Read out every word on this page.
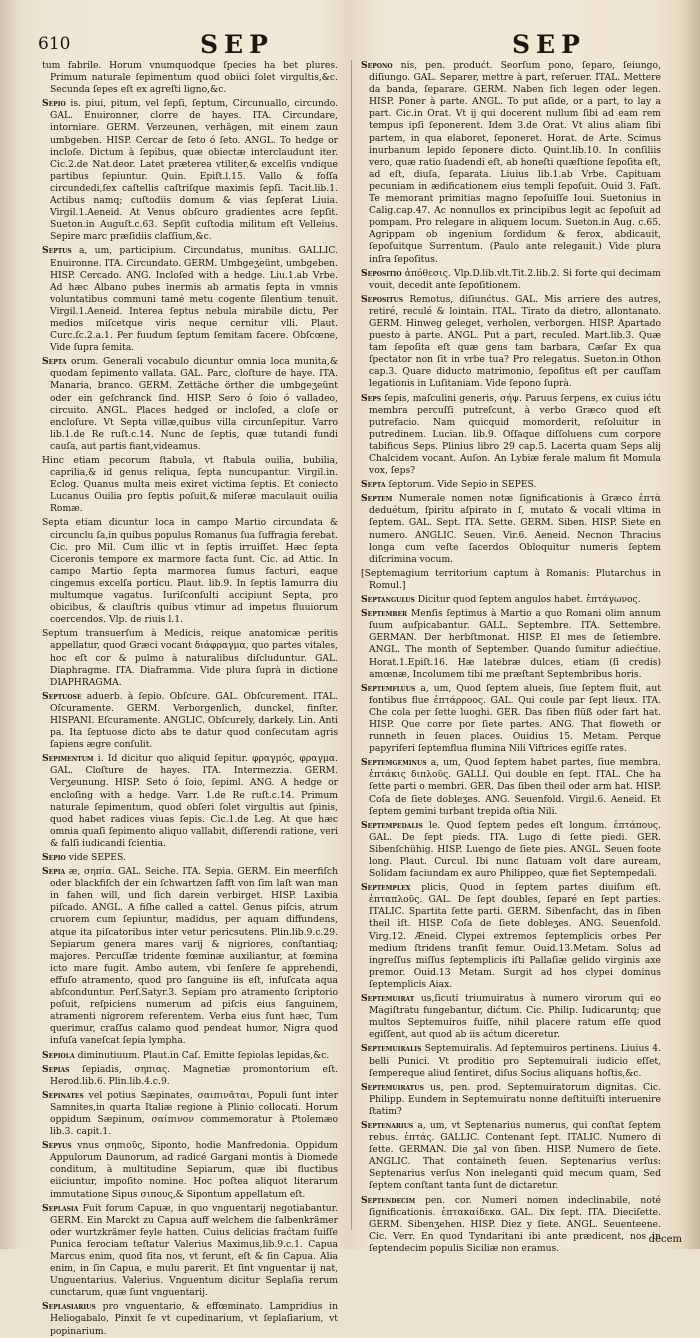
610	SEP	SEP
tum fabrile. Horum vnumquodque ſpecies ha bet plures. Primum naturale ſepimentum quod obiici ſolet virgultis,&c. Secunda ſepes eſt ex agreſti ligno,&c.
Sepio is. piui, pitum, vel ſepſi, ſeptum, Circunuallo, circundo. GAL. Enuironner, clorre de hayes. ITA. Circundare, intorniare. GERM. Verzeunen, verhägen, mit einem zaun umbgeben. HISP. Cercar de ſeto ó ſeto. ANGL. To hedge or incloſe. Dictum à ſepibus, quæ obiectæ interclaudunt iter. Cic.2.de Nat.deor. Latet præterea vtiliter,& excelſis vndique partibus ſepiuntur. Quin. Epiſt.l.15. Vallo & foſſa circundedi,ſex caſtellis caſtriſque maximis ſepſi. Tacit.lib.1. Actibus namq; cuſtodiis domum & vias ſepſerat Liuia. Virgil.1.Aeneid. At Venus obſcuro gradientes acre ſepſit. Sueton.in Auguſt.c.63. Sepſit cuſtodia militum eſt Velleius. Sepire marc præſidiis claſſium,&c.
Septus a, um, participium. Circundatus, munitus. GALLIC. Enuironne. ITA. Circundato. GERM. Umbgeʒeünt, umbgeben. HISP. Cercado. ANG. Incloſed with a hedge. Liu.1.ab Vrbe. Ad hæc Albano pubes inermis ab armatis ſepta in vmnis voluntatibus communi tamé metu cogente ſilentium tenuit. Virgil.1.Aeneid. Interea ſeptus nebula mirabile dictu, Per medios miſcetque viris neque cernitur vlli. Plaut. Curc.ſc.2.a.1. Per fuudum ſeptum ſemitam facere. Obſcœne, Vide ſupra ſemita.
Septa orum. Generali vocabulo dicuntur omnia loca munita,& quodam ſepimento vallata. GAL. Parc, cloſture de haye. ITA. Manaria, branco. GERM. Zettäche örther die umbgeʒeünt oder ein geſchranck ſind. HISP. Sero ó ſoio ó valladeo, circuito. ANGL. Places hedged or incloſed, a cloſe or encloſure. Vt Septa villæ,quibus villa circunſepitur. Varro lib.1.de Re ruſt.c.14. Nunc de ſeptis, quæ tutandi fundi cauſa, aut partis fiant,videamus.
Hinc etiam pecorum ſtabula, vt ſtabula ouilia, bubilia, caprilia,& id genus reliqua, ſepta nuncupantur. Virgil.in. Eclog. Quanus multa meis exiret victima ſeptis. Et coniecto Lucanus Ouilia pro ſeptis poſuit,& miſeræ maculauit ouilia Romæ.
Septa etiam dicuntur loca in campo Martio circundata & circunclu ſa,in quibus populus Romanus ſua ſuffragia ferebat. Cic. pro Mil. Cum illic vt in ſeptis irruiſſet. Hæc ſepta Ciceronis tempore ex marmore facta ſunt. Cic. ad Attic. In campo Martio ſepta marmorea ſumus facturi, eaque cingemus excelſa porticu. Plaut. lib.9. In ſeptis Iamurra diu multumque vagatus. Iuriſconſulti accipiunt Septa, pro obicibus, & clauſtris quibus vtimur ad impetus fluuiorum coercendos. Vlp. de riuis l.1.
Septum transuerſum à Medicis, reique anatomicæ peritis appellatur, quod Græci vocant διάφραγμα, quo partes vitales, hoc eſt cor & pulmo à naturalibus diſcluduntur. GAL. Diaphragme. ITA. Diaframma. Vide plura ſuprà in dictione DIAPHRAGMA.
Septuose aduerb. à ſepio. Obſcure. GAL. Obſcurement. ITAL. Oſcuramente. GERM. Verborgenlich, dunckel, finſter. HISPANI. Eſcuramente. ANGLIC. Obſcurely, darkely. Lin. Anti pa. Ita ſeptuose dicto abs te datur quod conſecutam agris ſapiens ægre conſulit.
Sepimentum i. Id dicitur quo aliquid ſepitur. φραγμός, φραγμα. GAL. Cloſture de hayes. ITA. Intermezzia. GERM. Verʒeunung. HISP. Seto ó ſoio, ſepiml. ANG. A hedge or encloſing with a hedge. Varr. 1.de Re ruſt.c.14. Primum naturale ſepimentum, quod obſeri ſolet virgultis aut ſpinis, quod habet radices viuas ſepis. Cic.1.de Leg. At que hæc omnia quaſi ſepimento aliquo vallabit, diſſerendi ratione, veri & falſi iudicandi ſcientia.
Sepio vide SEPES.
Sepia æ, σηπία. GAL. Seiche. ITA. Sepia. GERM. Ein meerfiſch oder blackfiſch der ein ſchwartzen ſafft von ſim laſt wan man in fahen will, und ſich darein verbirget. HISP. Laxibia piſcado. ANGL. A fiſhe called a cattel. Genus piſcis, atrum cruorem cum ſepiuntur, madidus, per aquam diffundens, atque ita piſcatoribus inter vetur pericsutens. Plin.lib.9.c.29. Sepiarum genera mares varij & nigriores, conſtantiaq; majores. Percuſſæ tridente fœminæ auxiliantur, at fœmina icto mare fugit. Ambo autem, vbi ſenſere ſe apprehendi, effuſo atramento, quod pro ſanguine iis eſt, infuſcata aqua abſconduntur. Perſ.Satyr.3. Sepiam pro atramento ſcriptorio poſuit, reſpiciens numerum ad piſcis eius ſanguinem, atramenti nigrorem referentem. Verba eius ſunt hæc, Tum querimur, craſſus calamo quod pendeat humor, Nigra quod infuſa vaneſcat ſepia lympha.
Sepiola diminutiuum. Plaut.in Caſ. Emitte ſepiolas lepidas,&c.
Sepias ſepiadis, σηπιας. Magnetiæ promontorium eſt. Herod.lib.6. Plin.lib.4.c.9.
Sepinates vel potius Sæpinates, σαιπινᾶται, Populi ſunt inter Samnites,in quarta Italiæ regione à Plinio collocati. Horum oppidum Sæpinum, σαίπινον commemoratur à Ptolemæo lib.3. capit.1.
Sepyus vnus σηπιοῦς, Siponto, hodie Manfredonia. Oppidum Appulorum Daunorum, ad radicé Gargani montis à Diomede conditum, à multitudine Sepiarum, quæ ibi fluctibus eiiciuntur, impoſito nomine. Hoc poſtea aliquot literarum immutatione Sipus σιπους,& Sipontum appellatum eſt.
Seplasia Fuit forum Capuæ, in quo vnguentarij negotiabantur. GERM. Ein Marckt zu Capua auff welchem die ſalbenkrämer oder wurtzkrämer feyle hatten. Cuius delicias fraćtam ſuiſſe Punica ferociam teſtatur Valerius Maximus,lib.9.c.1. Capua Marcus enim, quod ſita nos, vt ferunt, eſt & ſin Capua. Alia enim, in ſin Capua, e mulu parerit. Et ſint vnguentar ij nat, Unguentarius. Valerius. Vnguentum dicitur Seplaſia rerum cunctarum, quæ ſunt vnguentarij.
Seplaſiarius pro vnguentario, & effœminato. Lampridius in Heliogabalo, Pinxit ſe vt cupedinarium, vt ſeplaſiarium, vt popinarium.
Sepono nis, pen. produćt. Seorſum pono, ſeparo, ſeiungo, diſiungo. GAL. Separer, mettre à part, reſeruer. ITAL. Mettere da banda, ſeparare. GERM. Naben ſich legen oder legen. HISP. Poner à parte. ANGL. To put aſide, or a part, to lay a part. Cic.in Orat. Vt ij qui docerent nullum ſibi ad eam rem tempus ipſi ſeponerent. Idem 3.de Orat. Vt alius aliam ſibi partem, in qua elaboret, ſeponeret. Horat. de Arte. Scimus inurbanum lepido ſeponere dicto. Quint.lib.10. In conſiliis vero, quæ ratio ſuadendi eſt, ab honeſti quæſtione ſepoſita eſt, ad eſt, diuſa, ſeparata. Liuius lib.1.ab Vrbe. Capituam pecuniam in ædificationem eius templi ſepoſuit. Ouid 3. Faſt. Te memorant primitias magno ſepoſuiſſe Ioui. Suetonius in Calig.cap.47. Ac nonnullos ex principibus legit ac ſepoſuit ad pompam. Pro relegare in aliquem locum. Sueton.in Aug. c.65. Agrippam ob ingenium ſordidum & ferox, abdicauit, ſepoſuitque Surrentum. (Paulo ante relegauit.) Vide plura inſra ſepoſitus.
Sepoſitio ἀπόθεσις. Vlp.D.lib.vlt.Tit.2.lib.2. Si forte qui decimam vouit, decedit ante ſepoſitionem.
Sepoſitus Remotus, diſiunćtus. GAL. Mis arriere des autres, retiré, reculé & lointain. ITAL. Tirato da dietro, allontanato. GERM. Hinweg geleget, verholen, verborgen. HISP. Apartado puesto à parte. ANGL. Put a part, reculed. Mart.lib.3. Quæ tam ſepoſita eſt quæ gens tam barbara, Cæſar Ex qua ſpectator non ſit in vrbe tua? Pro relegatus. Sueton.in Othon cap.3. Quare diducto matrimonio, ſepoſitus eſt per cauſſam legationis in Luſitaniam. Vide ſepono ſuprà.
Seps ſepis, maſculini generis, σήψ. Paruus ſerpens, ex cuius ićtu membra percuſſi putreſcunt, à verbo Græco quod eſt putrefacio. Nam quicquid momorderit, reſoluitur in putredinem. Lucian. lib.9. Oſſaque diſſoluens cum corpore tabificus Seps. Plinius libro 29 cap.5. Lacerta quam Seps alij Chalcidem vocant. Auſon. An Lybiæ ferale malum fit Momula vox, ſeps?
Septa ſeptorum. Vide Sepio in SEPES.
Septem Numerale nomen notæ ſignificationis à Græco ἑπτὰ deduétum, ſpiritu aſpirato in ſ, mutato & vocali vltima in ſeptem. GAL. Sept. ITA. Sette. GERM. Siben. HISP. Siete en numero. ANGLIC. Seuen. Vir.6. Aeneid. Necnon Thracius longa cum veſte ſacerdos Obloquitur numeris ſeptem diſcrimina vocum.
[Septemagium territorium captum à Romanis: Plutarchus in Romul.]
Septangulus Dicitur quod ſeptem angulos habet. ἑπτάγωνος.
September Menſis ſeptimus à Martio a quo Romani olim annum ſuum auſpicabantur. GALL. Septembre. ITA. Settembre. GERMAN. Der herbſtmonat. HISP. El mes de ſetiembre. ANGL. The month of September. Quando ſumitur adiećtiue. Horat.1.Epiſt.16. Hæ latebræ dulces, etiam (ſi credis) amœnæ, Incolumem tibi me præſtant Septembribus horis.
Septemfluus a, um, Quod ſeptem alueis, ſiue ſeptem fluit, aut fontibus flue ἑπτάρροος. GAL. Qui coule par ſept lieux. ITA. Che cola per ſette luoghi. GER. Das ſiben flüß oder fart hat. HISP. Que corre por ſiete partes. ANG. That floweth or runneth in ſeuen places. Ouidius 15. Metam. Perque papyriferi ſeptemflua flumina Nili Viftrices egiſſe rates.
Septemgeminus a, um, Quod ſeptem habet partes, ſiue membra. ἑπτάκις διπλοῦς. GALLI. Qui double en ſept. ITAL. Che ha ſette parti o membri. GER. Das ſiben theil oder arm hat. HISP. Coſa de ſiete dobleʒes. ANG. Seuenfold. Virgil.6. Aeneid. Et ſeptem gemini turbant trepida oſtia Nili.
Septempedalis le. Quod ſeptem pedes eſt longum. ἑπτάπους. GAL. De ſept pieds. ITA. Lugo di ſette piedi. GER. Sibenſchühig. HISP. Luengo de ſiete pies. ANGL. Seuen foote long. Plaut. Curcul. Ibi nunc ſlatuam volt dare auream, Solidam faciundam ex auro Philippeo, quæ fiet Septempedali.
Septemplex plicis, Quod in ſeptem partes diuiſum eſt. ἑπταπλοῦς. GAL. De ſept doubles, ſeparé en ſept parties. ITALIC. Spartita ſette parti. GERM. Sibenfacht, das in ſiben theil iſt. HISP. Coſa de ſiete dobleʒes. ANG. Seuenfold. Virg.12. Æneid. Clypei extremos ſeptemplicis orbes Per medium ſtridens tranſit femur. Ouid.13.Metam. Solus ad ingreſſus miſſus ſeptemplicis iſti Pallaſiæ gelido virginis axe premor. Ouid.13 Metam. Surgit ad hos clypei dominus ſeptemplicis Aiax.
Septemuirat us,ſicuti triumuiratus à numero virorum qui eo Magiſtratu fungebantur, dićtum. Cic. Philip. Iudicaruntq; que multos Septemuiros fuiſſe, nihil placere ratum eſſe quod egiſſent, aut quod ab iis aćtum diceretur.
Septemuiralis Septemuiralis. Ad ſeptemuiros pertinens. Liuius 4. belli Punici. Vt proditio pro Septemuirali iudicio eſſet, ſempereque aliud ſentiret, diſus Socius aliquans hoſtis,&c.
Septemuiratus us, pen. prod. Septemuiratorum dignitas. Cic. Philipp. Eundem in Septemuiratu nonne deſtituiſti interuenire ſtatim?
Septenarius a, um, vt Septenarius numerus, qui conſtat ſeptem rebus. ἑπτάς. GALLIC. Contenant ſept. ITALIC. Numero di ſette. GERMAN. Die ʒal von ſiben. HISP. Numero de ſiete. ANGLIC. That containeth ſeuen. Septenarius verſus: Septenarius verſus Non ineleganti quid mecum quam, Sed ſeptem conſtant tanta ſunt de dictaretur.
Septendecim pen. cor. Numeri nomen indeclinabile, noté ſignificationis. ἑπτακαίδεκα. GAL. Dix ſept. ITA. Dieciſette. GERM. Sibenʒehen. HISP. Diez y ſiete. ANGL. Seuenteene. Cic. Verr. En quod Tyndaritani ibi ante prædicent, nos in ſeptendecim populis Siciliæ non eramus.
decem
